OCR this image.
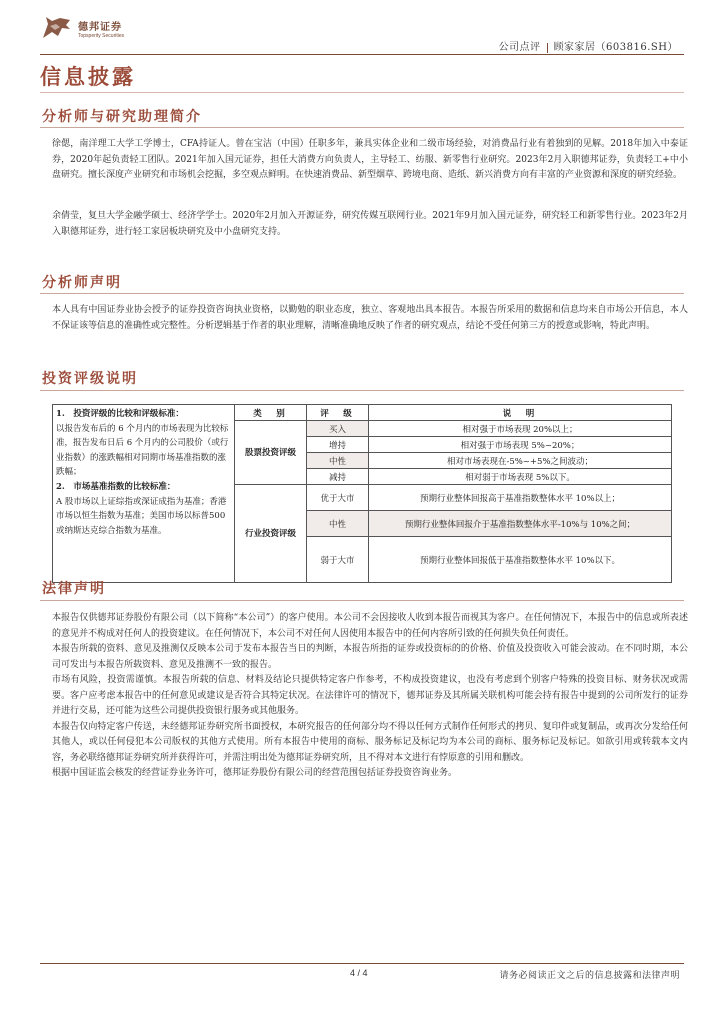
德邦证券
Topsperity Securities
公司点评 顾家家居（603816.SH）
信息披露
分析师与研究助理简介
徐偲，南洋理工大学工学博士，CFA持证人。曾在宝洁（中国）任职多年，兼具实体企业和二级市场经验，对消费品行业有着独到的见解。2018年加入中泰证券，2020年起负责轻工团队。2021年加入国元证券，担任大消费方向负责人，主导轻工、纺服、新零售行业研究。2023年2月入职德邦证券，负责轻工+中小盘研究。擅长深度产业研究和市场机会挖掘，多空观点鲜明。在快速消费品、新型烟草、跨境电商、造纸、新兴消费方向有丰富的产业资源和深度的研究经验。
余倩莹，复旦大学金融学硕士、经济学学士。2020年2月加入开源证券，研究传媒互联网行业。2021年9月加入国元证券，研究轻工和新零售行业。2023年2月入职德邦证券，进行轻工家居板块研究及中小盘研究支持。
分析师声明
本人具有中国证券业协会授予的证券投资咨询执业资格，以勤勉的职业态度，独立、客观地出具本报告。本报告所采用的数据和信息均来自市场公开信息，本人不保证该等信息的准确性或完整性。分析逻辑基于作者的职业理解，清晰准确地反映了作者的研究观点，结论不受任何第三方的授意或影响，特此声明。
投资评级说明
1.　投资评级的比较和评级标准：
以报告发布后的 6 个月内的市场表现为比较标准，报告发布日后 6 个月内的公司股价（或行业指数）的涨跌幅相对同期市场基准指数的涨跌幅；
2.　市场基准指数的比较标准：
A 股市场以上证综指或深证成指为基准；香港市场以恒生指数为基准；美国市场以标普500或纳斯达克综合指数为基准。	类　别	评　级	说　明
	股票投资评级	买入	相对强于市场表现 20%以上；
		增持	相对强于市场表现 5%~20%；
		中性	相对市场表现在-5%~+5%之间波动；
		减持	相对弱于市场表现 5%以下。
	行业投资评级	优于大市	预期行业整体回报高于基准指数整体水平 10%以上；
		中性	预期行业整体回报介于基准指数整体水平-10%与 10%之间；
		弱于大市	预期行业整体回报低于基准指数整体水平 10%以下。
法律声明
本报告仅供德邦证券股份有限公司（以下简称“本公司”）的客户使用。本公司不会因接收人收到本报告而视其为客户。在任何情况下，本报告中的信息或所表述的意见并不构成对任何人的投资建议。在任何情况下，本公司不对任何人因使用本报告中的任何内容所引致的任何损失负任何责任。
本报告所载的资料、意见及推测仅反映本公司于发布本报告当日的判断，本报告所指的证券或投资标的的价格、价值及投资收入可能会波动。在不同时期，本公司可发出与本报告所载资料、意见及推测不一致的报告。
市场有风险，投资需谨慎。本报告所载的信息、材料及结论只提供特定客户作参考，不构成投资建议，也没有考虑到个别客户特殊的投资目标、财务状况或需要。客户应考虑本报告中的任何意见或建议是否符合其特定状况。在法律许可的情况下，德邦证券及其所属关联机构可能会持有报告中提到的公司所发行的证券并进行交易，还可能为这些公司提供投资银行服务或其他服务。
本报告仅向特定客户传送，未经德邦证券研究所书面授权，本研究报告的任何部分均不得以任何方式制作任何形式的拷贝、复印件或复制品，或再次分发给任何其他人，或以任何侵犯本公司版权的其他方式使用。所有本报告中使用的商标、服务标记及标记均为本公司的商标、服务标记及标记。如欲引用或转载本文内容，务必联络德邦证券研究所并获得许可，并需注明出处为德邦证券研究所，且不得对本文进行有悖原意的引用和删改。
根据中国证监会核发的经营证券业务许可，德邦证券股份有限公司的经营范围包括证券投资咨询业务。
4 / 4	请务必阅读正文之后的信息披露和法律声明
